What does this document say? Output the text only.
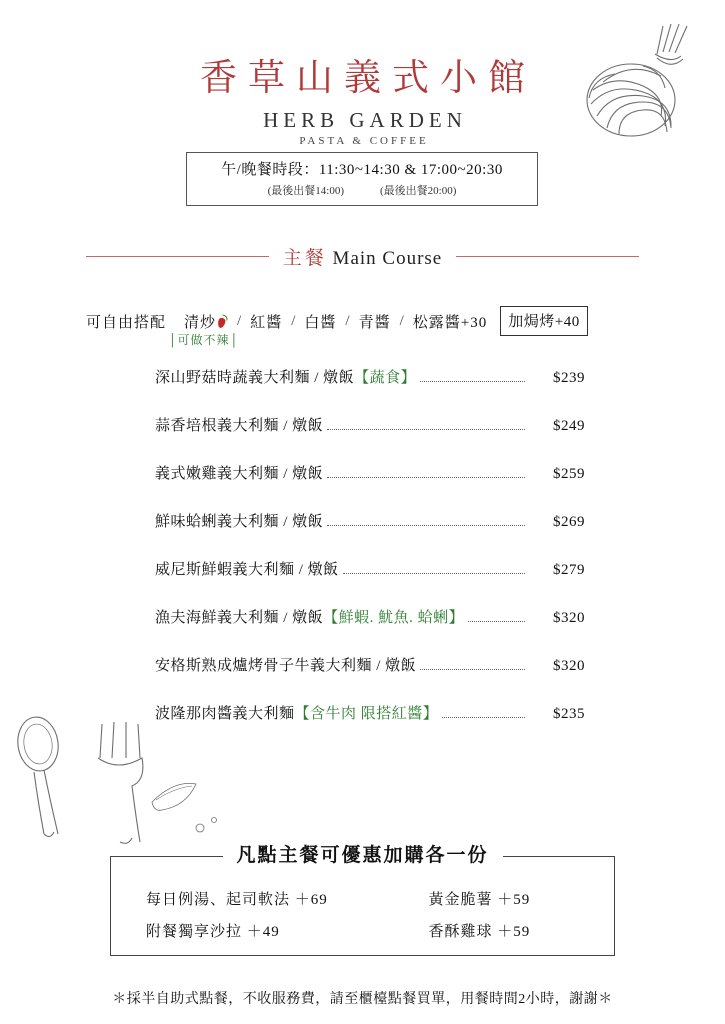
香草山義式小館
HERB GARDEN
PASTA & COFFEE
午/晚餐時段：11:30~14:30 & 17:00~20:30
(最後出餐14:00)	(最後出餐20:00)
主餐 Main Course
可自由搭配 清炒 / 紅醬 / 白醬 / 青醬 / 松露醬+30	加焗烤+40
│可做不辣│
深山野菇時蔬義大利麵 / 燉飯 【蔬食】	$239
蒜香培根義大利麵 / 燉飯	$249
義式嫩雞義大利麵 / 燉飯	$259
鮮味蛤蜊義大利麵 / 燉飯	$269
威尼斯鮮蝦義大利麵 / 燉飯	$279
漁夫海鮮義大利麵 / 燉飯 【鮮蝦. 魷魚. 蛤蜊】	$320
安格斯熟成爐烤骨子牛義大利麵 / 燉飯	$320
波隆那肉醬義大利麵 【含牛肉 限搭紅醬】	$235
凡點主餐可優惠加購各一份
每日例湯、起司軟法 ＋69	黃金脆薯 ＋59
附餐獨享沙拉 ＋49	香酥雞球 ＋59
＊採半自助式點餐，不收服務費，請至櫃檯點餐買單，用餐時間2小時，謝謝＊
